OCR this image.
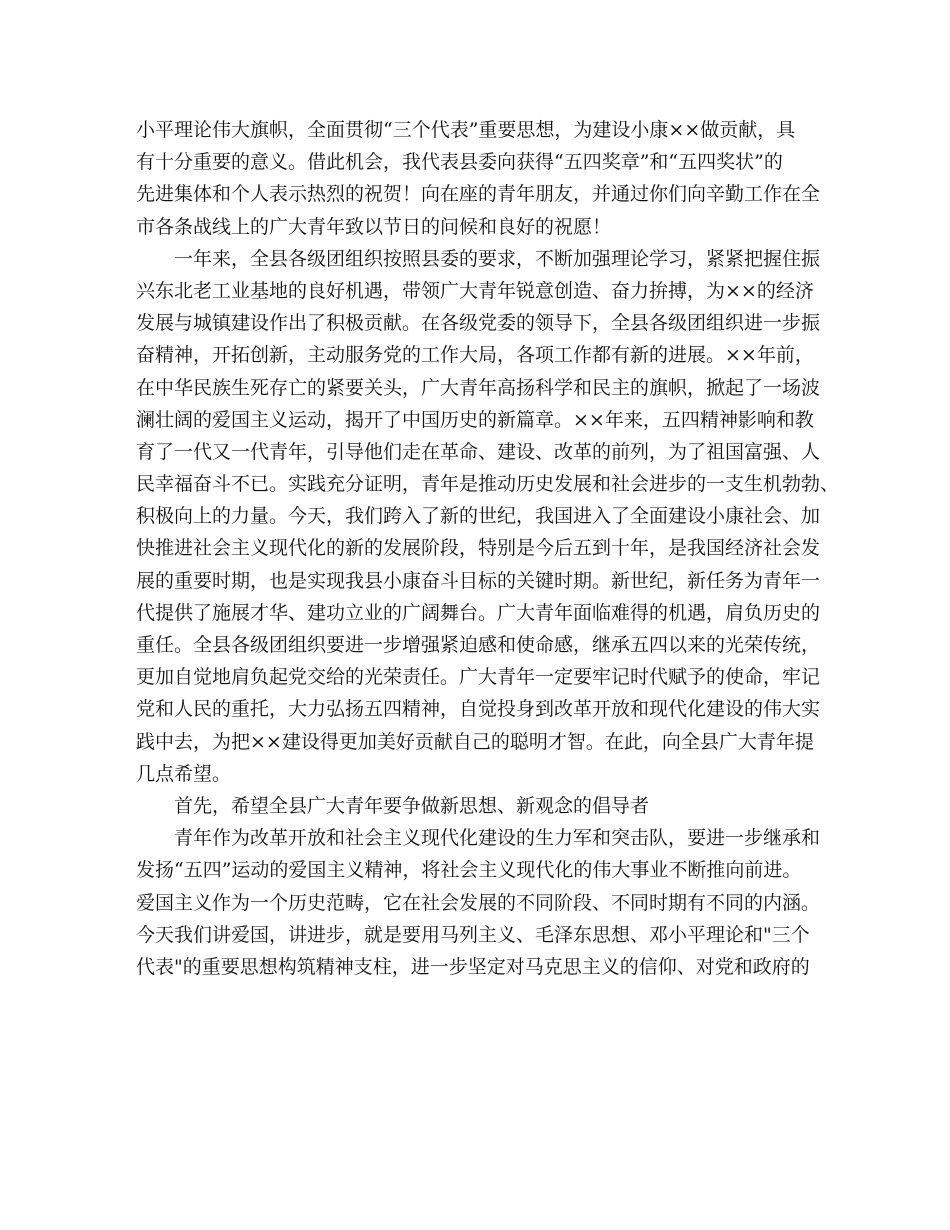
小平理论伟大旗帜，全面贯彻“三个代表”重要思想，为建设小康××做贡献，具
有十分重要的意义。借此机会，我代表县委向获得“五四奖章”和“五四奖状”的
先进集体和个人表示热烈的祝贺！向在座的青年朋友，并通过你们向辛勤工作在全
市各条战线上的广大青年致以节日的问候和良好的祝愿！
一年来，全县各级团组织按照县委的要求，不断加强理论学习，紧紧把握住振
兴东北老工业基地的良好机遇，带领广大青年锐意创造、奋力拚搏，为××的经济
发展与城镇建设作出了积极贡献。在各级党委的领导下，全县各级团组织进一步振
奋精神，开拓创新，主动服务党的工作大局，各项工作都有新的进展。××年前，
在中华民族生死存亡的紧要关头，广大青年高扬科学和民主的旗帜，掀起了一场波
澜壮阔的爱国主义运动，揭开了中国历史的新篇章。××年来，五四精神影响和教
育了一代又一代青年，引导他们走在革命、建设、改革的前列，为了祖国富强、人
民幸福奋斗不已。实践充分证明，青年是推动历史发展和社会进步的一支生机勃勃、
积极向上的力量。今天，我们跨入了新的世纪，我国进入了全面建设小康社会、加
快推进社会主义现代化的新的发展阶段，特别是今后五到十年，是我国经济社会发
展的重要时期，也是实现我县小康奋斗目标的关键时期。新世纪，新任务为青年一
代提供了施展才华、建功立业的广阔舞台。广大青年面临难得的机遇，肩负历史的
重任。全县各级团组织要进一步增强紧迫感和使命感，继承五四以来的光荣传统，
更加自觉地肩负起党交给的光荣责任。广大青年一定要牢记时代赋予的使命，牢记
党和人民的重托，大力弘扬五四精神，自觉投身到改革开放和现代化建设的伟大实
践中去，为把××建设得更加美好贡献自己的聪明才智。在此，向全县广大青年提
几点希望。
首先，希望全县广大青年要争做新思想、新观念的倡导者
青年作为改革开放和社会主义现代化建设的生力军和突击队，要进一步继承和
发扬“五四”运动的爱国主义精神，将社会主义现代化的伟大事业不断推向前进。
爱国主义作为一个历史范畴，它在社会发展的不同阶段、不同时期有不同的内涵。
今天我们讲爱国，讲进步，就是要用马列主义、毛泽东思想、邓小平理论和"三个
代表"的重要思想构筑精神支柱，进一步坚定对马克思主义的信仰、对党和政府的
